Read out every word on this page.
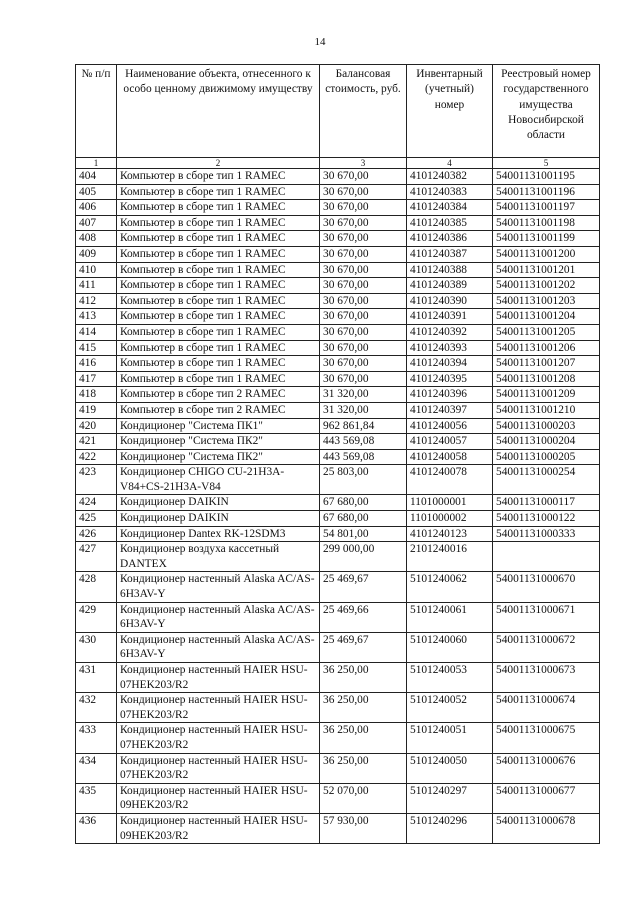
14
№ п/п	Наименование объекта, отнесенного к особо ценному движимому имуществу	Балансовая стоимость, руб.	Инвентарный (учетный) номер	Реестровый номер государственного имущества Новосибирской области
1	2	3	4	5
404	Компьютер в сборе тип 1 RAMEC	30 670,00	4101240382	54001131001195
405	Компьютер в сборе тип 1 RAMEC	30 670,00	4101240383	54001131001196
406	Компьютер в сборе тип 1 RAMEC	30 670,00	4101240384	54001131001197
407	Компьютер в сборе тип 1 RAMEC	30 670,00	4101240385	54001131001198
408	Компьютер в сборе тип 1 RAMEC	30 670,00	4101240386	54001131001199
409	Компьютер в сборе тип 1 RAMEC	30 670,00	4101240387	54001131001200
410	Компьютер в сборе тип 1 RAMEC	30 670,00	4101240388	54001131001201
411	Компьютер в сборе тип 1 RAMEC	30 670,00	4101240389	54001131001202
412	Компьютер в сборе тип 1 RAMEC	30 670,00	4101240390	54001131001203
413	Компьютер в сборе тип 1 RAMEC	30 670,00	4101240391	54001131001204
414	Компьютер в сборе тип 1 RAMEC	30 670,00	4101240392	54001131001205
415	Компьютер в сборе тип 1 RAMEC	30 670,00	4101240393	54001131001206
416	Компьютер в сборе тип 1 RAMEC	30 670,00	4101240394	54001131001207
417	Компьютер в сборе тип 1 RAMEC	30 670,00	4101240395	54001131001208
418	Компьютер в сборе тип 2 RAMEC	31 320,00	4101240396	54001131001209
419	Компьютер в сборе тип 2 RAMEC	31 320,00	4101240397	54001131001210
420	Кондиционер "Система ПК1"	962 861,84	4101240056	54001131000203
421	Кондиционер "Система ПК2"	443 569,08	4101240057	54001131000204
422	Кондиционер "Система ПК2"	443 569,08	4101240058	54001131000205
423	Кондиционер CHIGO CU-21H3A-V84+CS-21H3A-V84	25 803,00	4101240078	54001131000254
424	Кондиционер DAIKIN	67 680,00	1101000001	54001131000117
425	Кондиционер DAIKIN	67 680,00	1101000002	54001131000122
426	Кондиционер Dantex RK-12SDM3	54 801,00	4101240123	54001131000333
427	Кондиционер воздуха кассетный DANTEX	299 000,00	2101240016	
428	Кондиционер настенный Alaska AC/AS-6H3AV-Y	25 469,67	5101240062	54001131000670
429	Кондиционер настенный Alaska AC/AS-6H3AV-Y	25 469,66	5101240061	54001131000671
430	Кондиционер настенный Alaska AC/AS-6H3AV-Y	25 469,67	5101240060	54001131000672
431	Кондиционер настенный HAIER HSU-07HEK203/R2	36 250,00	5101240053	54001131000673
432	Кондиционер настенный HAIER HSU-07HEK203/R2	36 250,00	5101240052	54001131000674
433	Кондиционер настенный HAIER HSU-07HEK203/R2	36 250,00	5101240051	54001131000675
434	Кондиционер настенный HAIER HSU-07HEK203/R2	36 250,00	5101240050	54001131000676
435	Кондиционер настенный HAIER HSU-09HEK203/R2	52 070,00	5101240297	54001131000677
436	Кондиционер настенный HAIER HSU-09HEK203/R2	57 930,00	5101240296	54001131000678
